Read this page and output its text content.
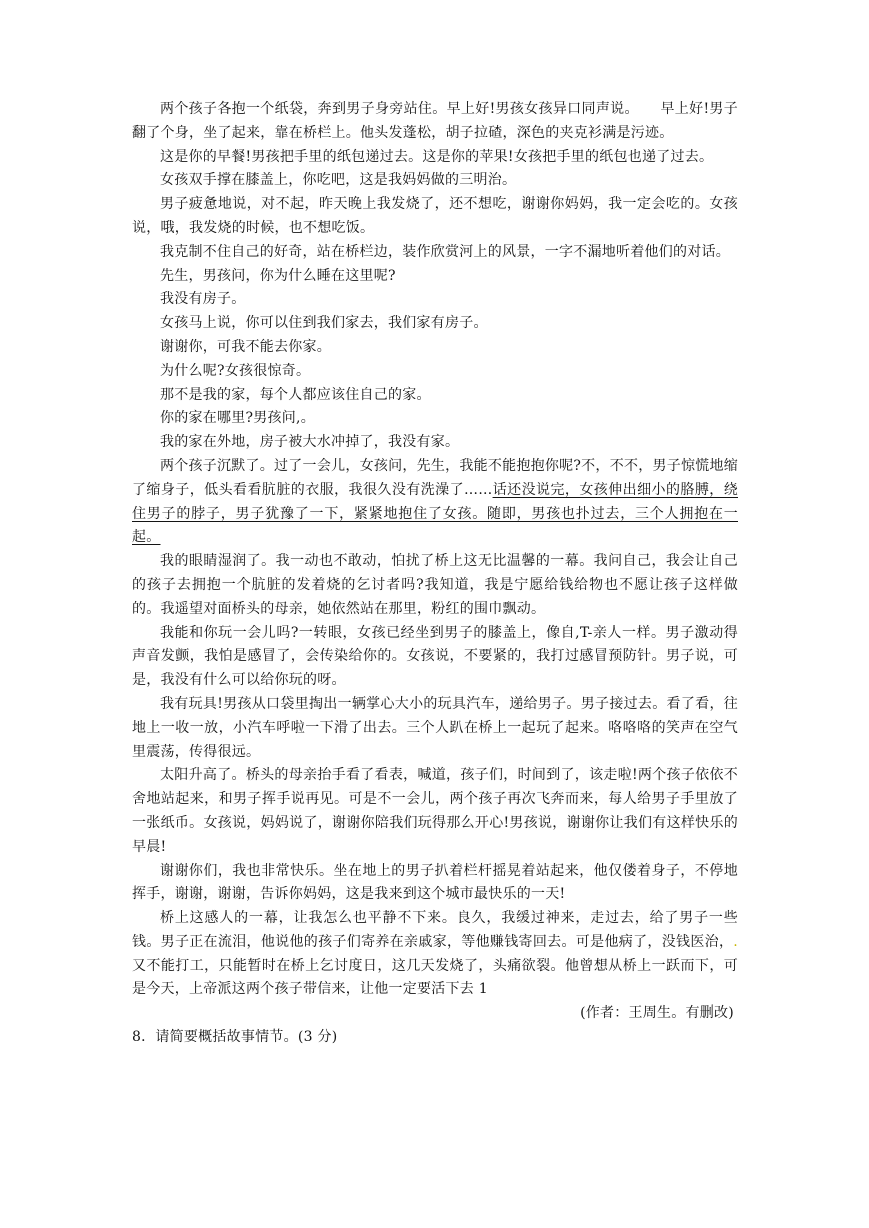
两个孩子各抱一个纸袋，奔到男子身旁站住。早上好!男孩女孩异口同声说。　　早上好!男子翻了个身，坐了起来，靠在桥栏上。他头发蓬松，胡子拉碴，深色的夹克衫满是污迹。

这是你的早餐!男孩把手里的纸包递过去。这是你的苹果!女孩把手里的纸包也递了过去。

女孩双手撑在膝盖上，你吃吧，这是我妈妈做的三明治。

男子疲惫地说，对不起，昨天晚上我发烧了，还不想吃，谢谢你妈妈，我一定会吃的。女孩说，哦，我发烧的时候，也不想吃饭。

我克制不住自己的好奇，站在桥栏边，装作欣赏河上的风景，一字不漏地听着他们的对话。

先生，男孩问，你为什么睡在这里呢?

我没有房子。

女孩马上说，你可以住到我们家去，我们家有房子。

谢谢你，可我不能去你家。

为什么呢?女孩很惊奇。

那不是我的家，每个人都应该住自己的家。

你的家在哪里?男孩问,。

我的家在外地，房子被大水冲掉了，我没有家。

两个孩子沉默了。过了一会儿，女孩问，先生，我能不能抱抱你呢?不，不不，男子惊慌地缩了缩身子，低头看看肮脏的衣服，我很久没有洗澡了……话还没说完，女孩伸出细小的胳膊，绕住男子的脖子，男子犹豫了一下，紧紧地抱住了女孩。随即，男孩也扑过去，三个人拥抱在一起。

我的眼睛湿润了。我一动也不敢动，怕扰了桥上这无比温馨的一幕。我问自己，我会让自己的孩子去拥抱一个肮脏的发着烧的乞讨者吗?我知道，我是宁愿给钱给物也不愿让孩子这样做的。我遥望对面桥头的母亲，她依然站在那里，粉红的围巾飘动。

我能和你玩一会儿吗?一转眼，女孩已经坐到男子的膝盖上，像自,T-亲人一样。男子激动得声音发颤，我怕是感冒了，会传染给你的。女孩说，不要紧的，我打过感冒预防针。男子说，可是，我没有什么可以给你玩的呀。

我有玩具!男孩从口袋里掏出一辆掌心大小的玩具汽车，递给男子。男子接过去。看了看，往地上一收一放，小汽车呼啦一下滑了出去。三个人趴在桥上一起玩了起来。咯咯咯的笑声在空气里震荡，传得很远。

太阳升高了。桥头的母亲抬手看了看表，喊道，孩子们，时间到了，该走啦!两个孩子依依不舍地站起来，和男子挥手说再见。可是不一会儿，两个孩子再次飞奔而来，每人给男子手里放了一张纸币。女孩说，妈妈说了，谢谢你陪我们玩得那么开心!男孩说，谢谢你让我们有这样快乐的早晨!

谢谢你们，我也非常快乐。坐在地上的男子扒着栏杆摇晃着站起来，他仅偻着身子，不停地挥手，谢谢，谢谢，告诉你妈妈，这是我来到这个城市最快乐的一天!

桥上这感人的一幕，让我怎么也平静不下来。良久，我缓过神来，走过去，给了男子一些钱。男子正在流泪，他说他的孩子们寄养在亲戚家，等他赚钱寄回去。可是他病了，没钱医治，.又不能打工，只能暂时在桥上乞讨度日，这几天发烧了，头痛欲裂。他曾想从桥上一跃而下，可是今天，上帝派这两个孩子带信来，让他一定要活下去 1

(作者：王周生。有删改)

8．请简要概括故事情节。(3 分)
